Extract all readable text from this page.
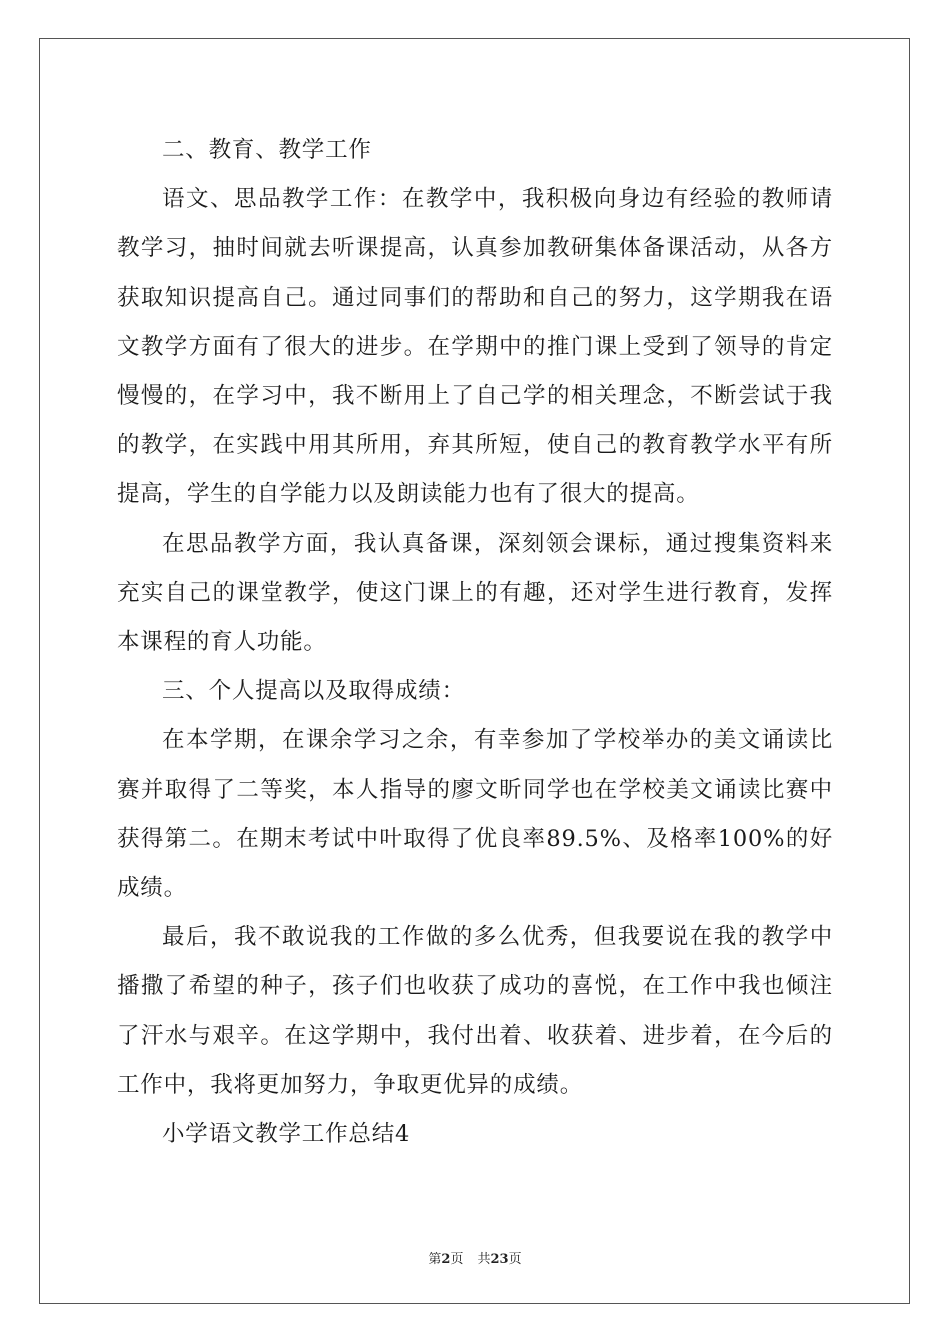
二、教育、教学工作

语文、思品教学工作：在教学中，我积极向身边有经验的教师请教学习，抽时间就去听课提高，认真参加教研集体备课活动，从各方获取知识提高自己。通过同事们的帮助和自己的努力，这学期我在语文教学方面有了很大的进步。在学期中的推门课上受到了领导的肯定慢慢的，在学习中，我不断用上了自己学的相关理念，不断尝试于我的教学，在实践中用其所用，弃其所短，使自己的教育教学水平有所提高，学生的自学能力以及朗读能力也有了很大的提高。

在思品教学方面，我认真备课，深刻领会课标，通过搜集资料来充实自己的课堂教学，使这门课上的有趣，还对学生进行教育，发挥本课程的育人功能。

三、个人提高以及取得成绩：

在本学期，在课余学习之余，有幸参加了学校举办的美文诵读比赛并取得了二等奖，本人指导的廖文昕同学也在学校美文诵读比赛中获得第二。在期末考试中叶取得了优良率89.5%、及格率100%的好成绩。

最后，我不敢说我的工作做的多么优秀，但我要说在我的教学中播撒了希望的种子，孩子们也收获了成功的喜悦，在工作中我也倾注了汗水与艰辛。在这学期中，我付出着、收获着、进步着，在今后的工作中，我将更加努力，争取更优异的成绩。

小学语文教学工作总结4

第2页 共23页
